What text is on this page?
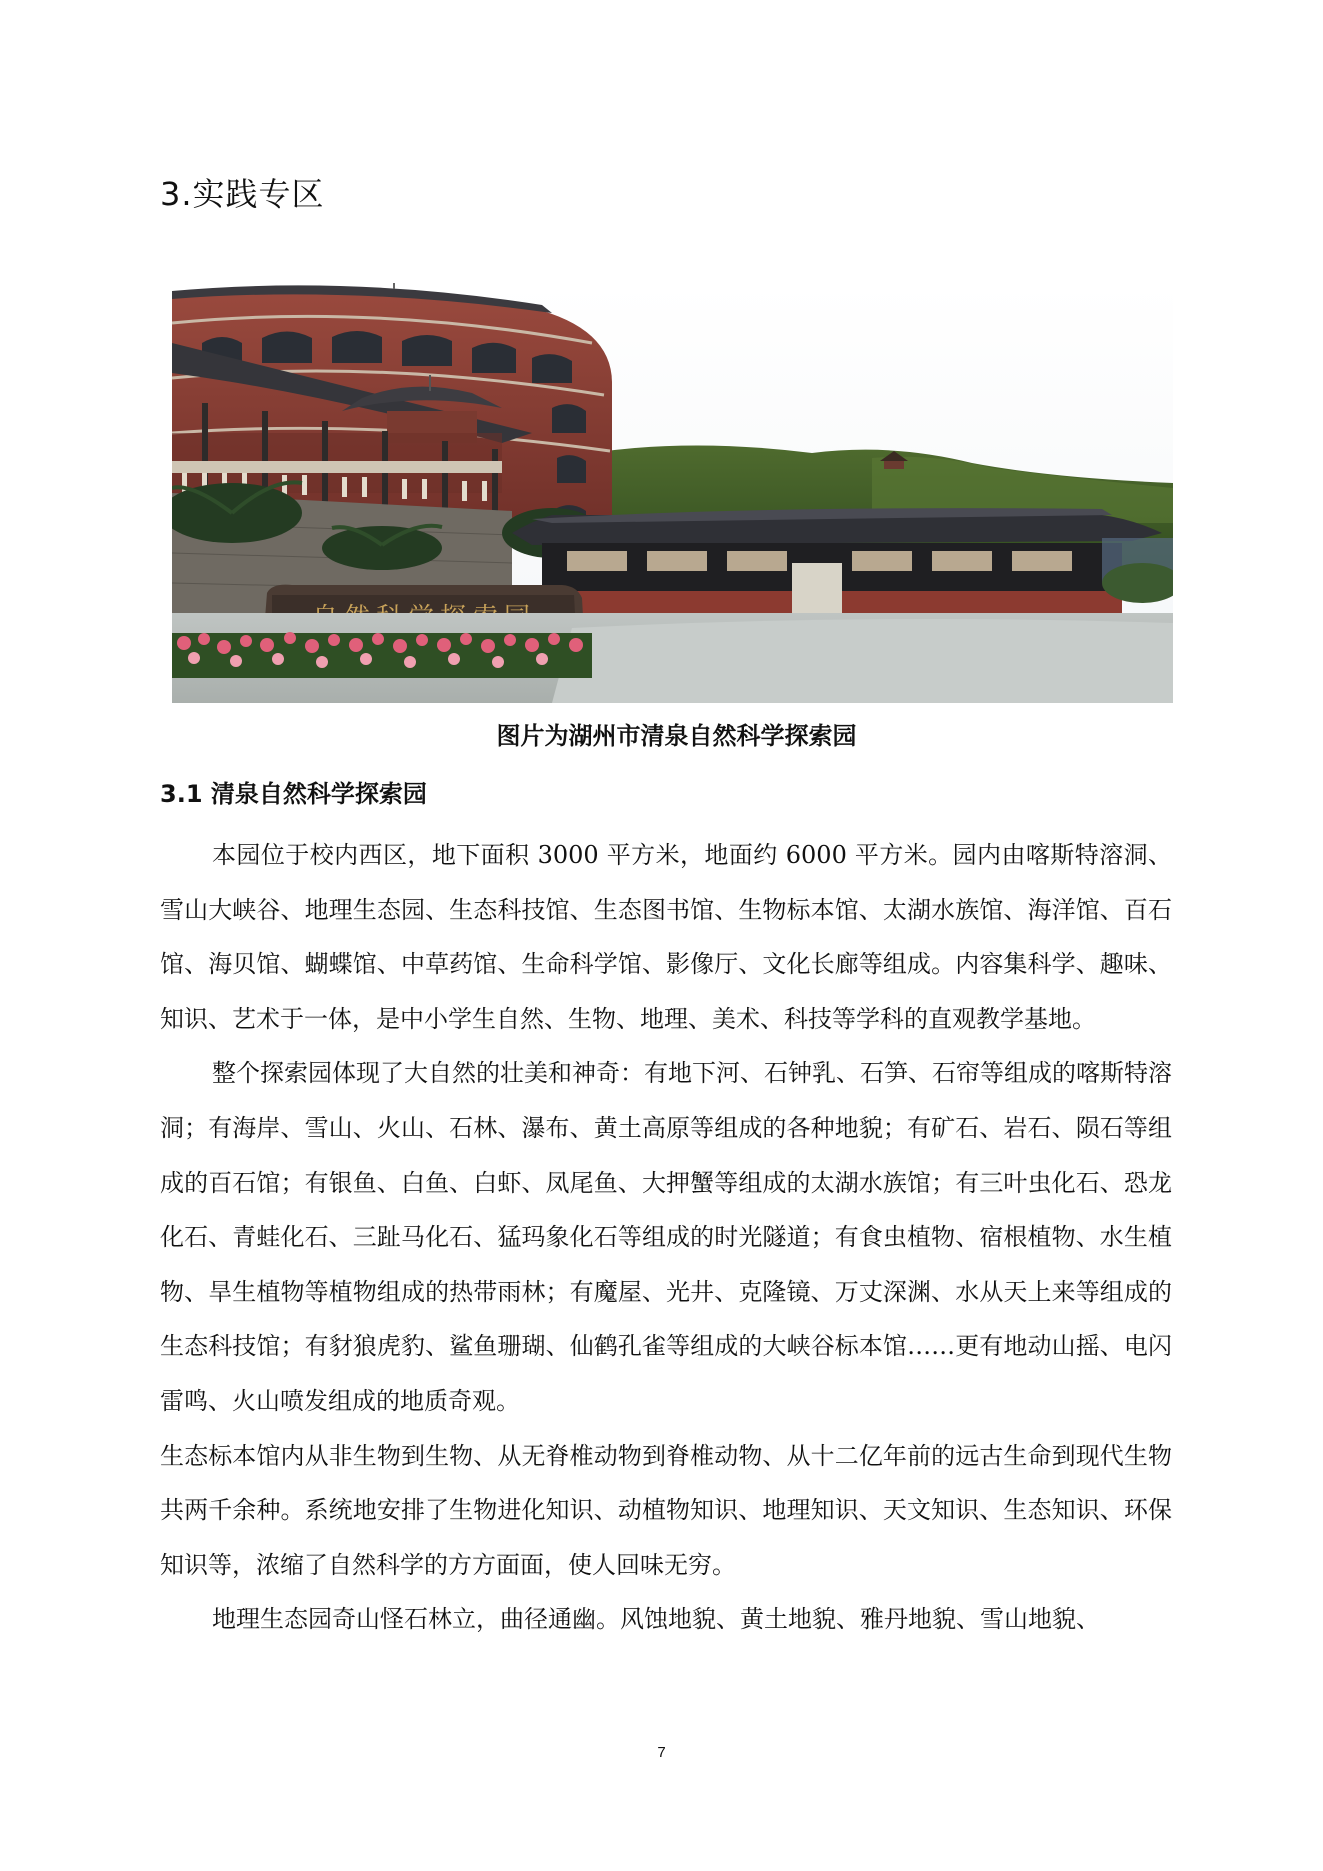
3.实践专区
图片为湖州市清泉自然科学探索园
3.1 清泉自然科学探索园

本园位于校内西区，地下面积 3000 平方米，地面约 6000 平方米。园内由喀斯特溶洞、雪山大峡谷、地理生态园、生态科技馆、生态图书馆、生物标本馆、太湖水族馆、海洋馆、百石馆、海贝馆、蝴蝶馆、中草药馆、生命科学馆、影像厅、文化长廊等组成。内容集科学、趣味、知识、艺术于一体，是中小学生自然、生物、地理、美术、科技等学科的直观教学基地。

整个探索园体现了大自然的壮美和神奇：有地下河、石钟乳、石笋、石帘等组成的喀斯特溶洞；有海岸、雪山、火山、石林、瀑布、黄土高原等组成的各种地貌；有矿石、岩石、陨石等组成的百石馆；有银鱼、白鱼、白虾、凤尾鱼、大押蟹等组成的太湖水族馆；有三叶虫化石、恐龙化石、青蛙化石、三趾马化石、猛玛象化石等组成的时光隧道；有食虫植物、宿根植物、水生植物、旱生植物等植物组成的热带雨林；有魔屋、光井、克隆镜、万丈深渊、水从天上来等组成的生态科技馆；有豺狼虎豹、鲨鱼珊瑚、仙鹤孔雀等组成的大峡谷标本馆……更有地动山摇、电闪雷鸣、火山喷发组成的地质奇观。

生态标本馆内从非生物到生物、从无脊椎动物到脊椎动物、从十二亿年前的远古生命到现代生物共两千余种。系统地安排了生物进化知识、动植物知识、地理知识、天文知识、生态知识、环保知识等，浓缩了自然科学的方方面面，使人回味无穷。

地理生态园奇山怪石林立，曲径通幽。风蚀地貌、黄土地貌、雅丹地貌、雪山地貌、

7
